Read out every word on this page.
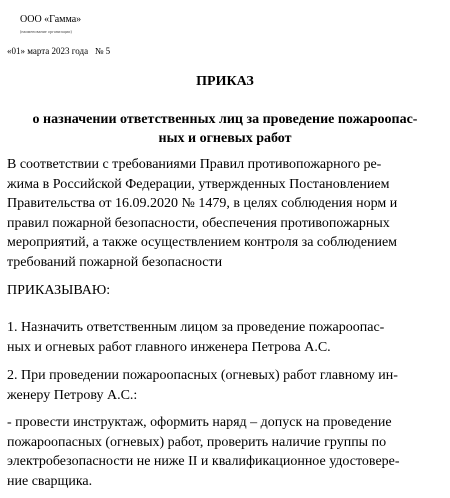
ООО «Гамма»
(наименование организации)
«01» марта 2023 года   № 5
ПРИКАЗ
о назначении ответственных лиц за проведение пожароопас-
ных и огневых работ
В соответствии с требованиями Правил противопожарного ре-
жима в Российской Федерации, утвержденных Постановлением
Правительства от 16.09.2020 № 1479, в целях соблюдения норм и
правил пожарной безопасности, обеспечения противопожарных
мероприятий, а также осуществлением контроля за соблюдением
требований пожарной безопасности
ПРИКАЗЫВАЮ:
1. Назначить ответственным лицом за проведение пожароопас-
ных и огневых работ главного инженера Петрова А.С.
2. При проведении пожароопасных (огневых) работ главному ин-
женеру Петрову А.С.:
- провести инструктаж, оформить наряд – допуск на проведение
пожароопасных (огневых) работ, проверить наличие группы по
электробезопасности не ниже II и квалификационное удостовере-
ние сварщика.
